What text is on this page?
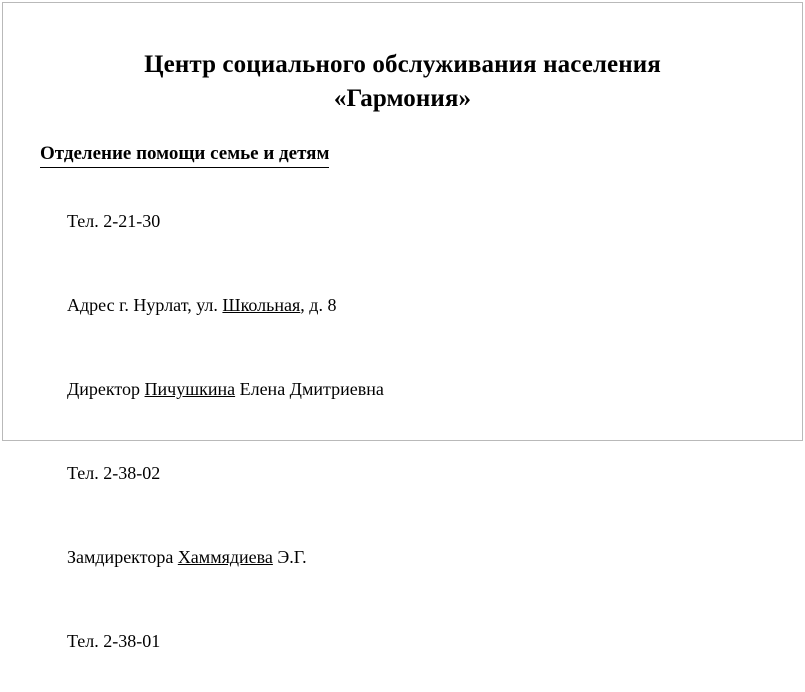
Центр социального обслуживания населения
«Гармония»
Отделение помощи семье и детям

Тел. 2-21-30

Адрес г. Нурлат, ул. Школьная, д. 8

Директор Пичушкина Елена Дмитриевна

Тел. 2-38-02

Замдиректора Хаммядиева Э.Г.

Тел. 2-38-01
